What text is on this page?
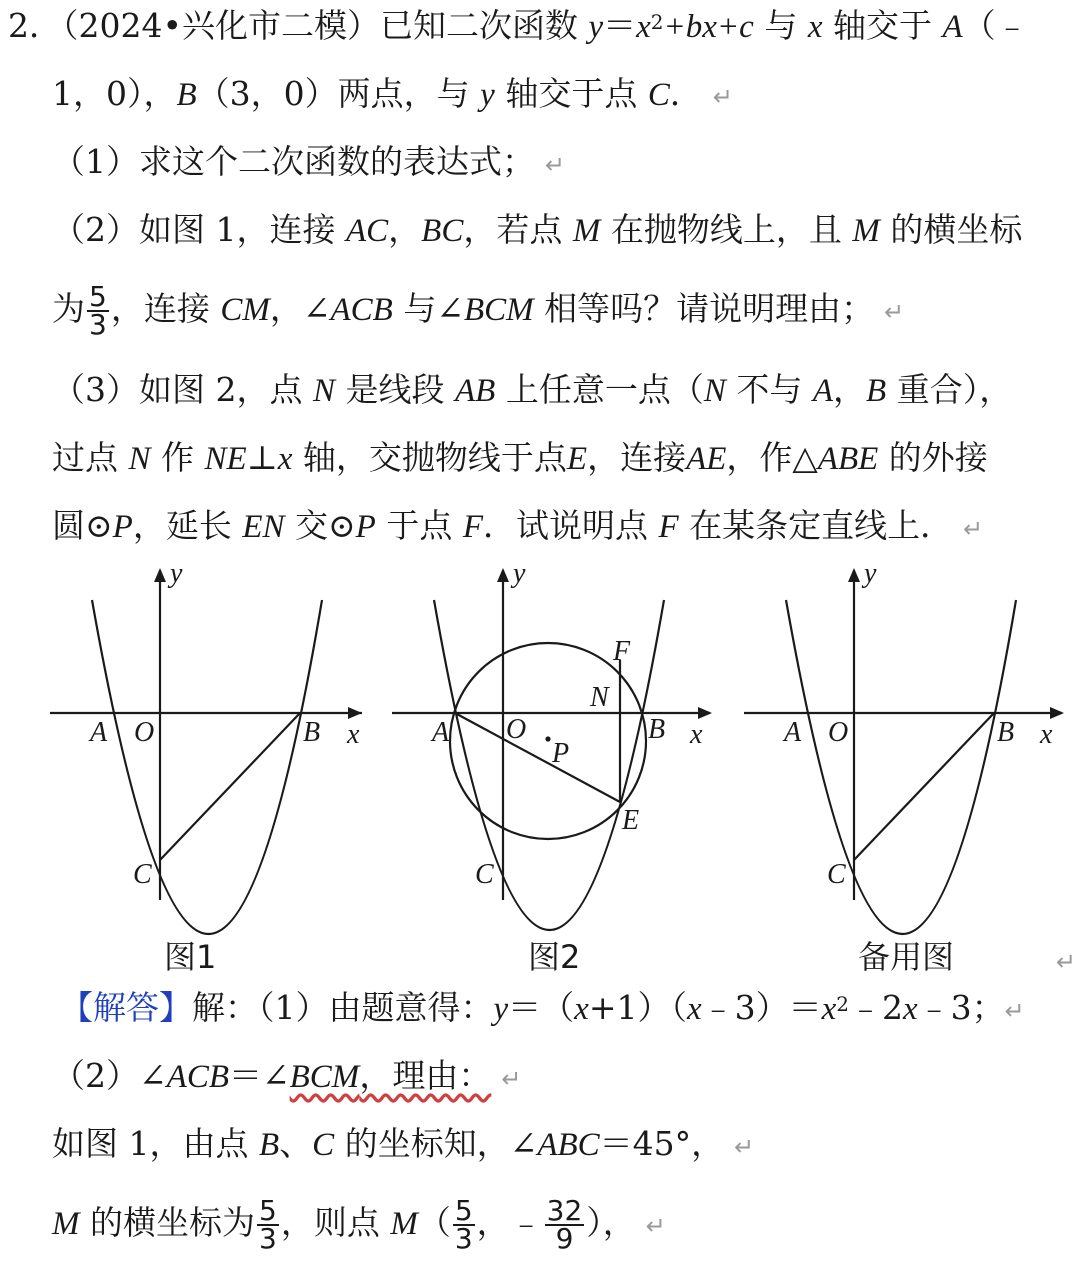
2．（2024•兴化市二模）已知二次函数 $y=x^2+bx+c$ 与 x 轴交于 A（﹣
1，0），B（3，0）两点，与 y 轴交于点 C． ↵
（1）求这个二次函数的表达式； ↵
（2）如图 1，连接 AC，BC，若点 M 在抛物线上，且 M 的横坐标
为 $\frac{5}{3}$ ，连接 CM，∠ACB 与∠BCM 相等吗？请说明理由； ↵
（3）如图 2，点 N 是线段 AB 上任意一点（N 不与 A，B 重合），
过点 N 作 NE⊥x 轴，交抛物线于点E，连接AE，作△ABE 的外接
圆⊙P，延长 EN 交⊙P 于点 F．试说明点 F 在某条定直线上． ↵
y
A O	B x
C
y
F
N
A O
P
B x
E
C
y
A O	B x
C
图1	图2	备用图	↵
【解答】解：（1）由题意得：$y=(x+1)(x﹣3)=x^2﹣2x﹣3$；↵
（2）∠ACB＝∠BCM，理由： ↵
如图 1，由点 B、C 的坐标知，∠ABC＝45°， ↵
M 的横坐标为 $\frac{5}{3}$ ，则点 $M( \frac{5}{3}$ ，﹣ $\frac{32}{9}$ ）， ↵
